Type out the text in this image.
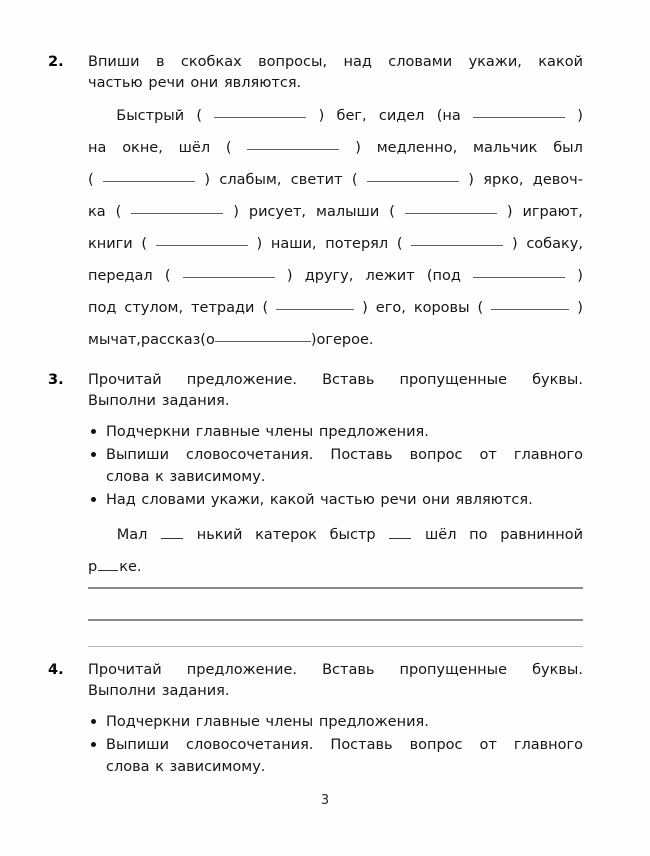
2.	Впиши в скобках вопросы, над словами укажи, какой
частью речи они являются.
Быстрый (	) бег, сидел (на	)
на окне, шёл (	) медленно, мальчик был
(	) слабым, светит (	) ярко, девоч-
ка (	) рисует, малыши (	) играют,
книги (	) наши, потерял (	) собаку,
передал (	) другу, лежит (под	)
под стулом, тетради (	) его, коровы (	)
мычат, рассказ (о	) о героe.
3.	Прочитай предложение. Вставь пропущенные буквы.
Выполни задания.
Подчеркни главные члены предложения.
Выпиши словосочетания. Поставь вопрос от главного
слова к зависимому.
Над словами укажи, какой частью речи они являются.
Мал	нький катерок быстр	шёл по равнинной
р ке.
4.	Прочитай предложение. Вставь пропущенные буквы.
Выполни задания.
Подчеркни главные члены предложения.
Выпиши словосочетания. Поставь вопрос от главного
слова к зависимому.
3
